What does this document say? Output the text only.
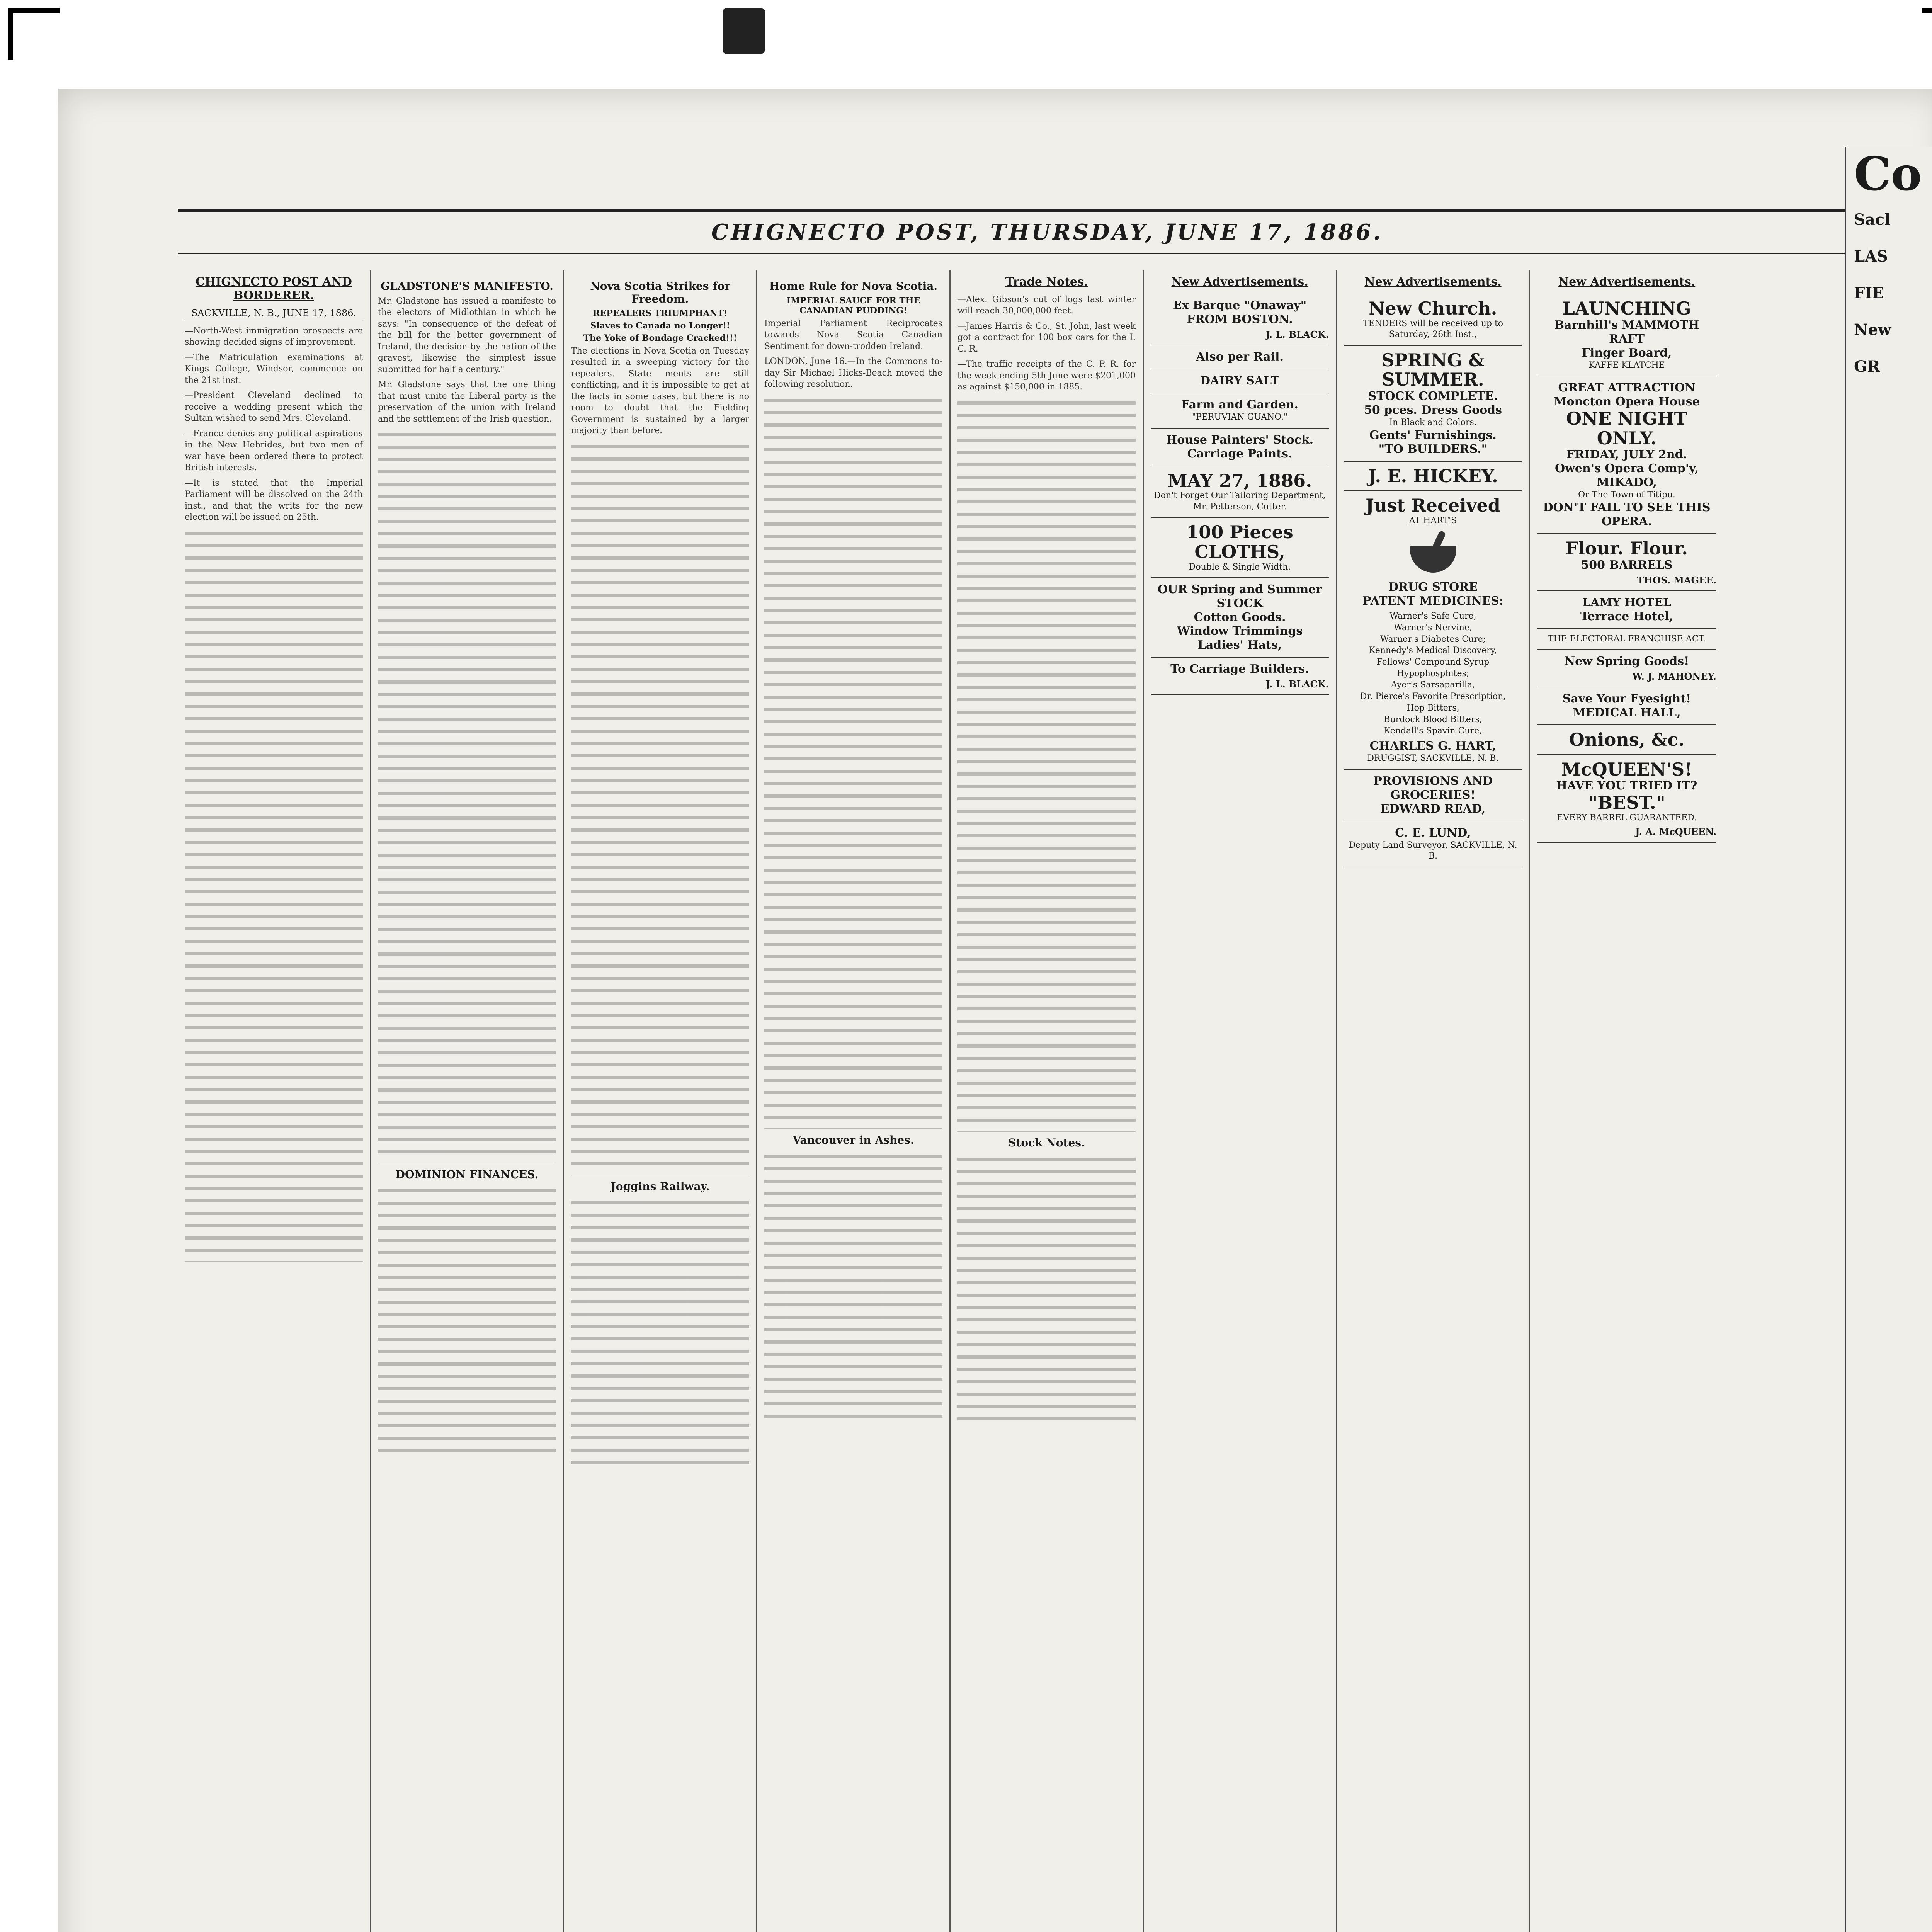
CHIGNECTO POST, THURSDAY, JUNE 17, 1886.
CHIGNECTO POST AND BORDERER.
SACKVILLE, N. B., JUNE 17, 1886.

—North-West immigration prospects are showing decided signs of improvement.

—The Matriculation examinations at Kings College, Windsor, commence on the 21st inst.

—President Cleveland declined to receive a wedding present which the Sultan wished to send Mrs. Cleveland.

—France denies any political aspirations in the New Hebrides, but two men of war have been ordered there to protect British interests.

—It is stated that the Imperial Parliament will be dissolved on the 24th inst., and that the writs for the new election will be issued on 25th.

GLADSTONE'S MANIFESTO.

Mr. Gladstone has issued a manifesto to the electors of Midlothian in which he says: "In consequence of the defeat of the bill for the better government of Ireland, the decision by the nation of the gravest, likewise the simplest issue submitted for half a century."

Mr. Gladstone says that the one thing that must unite the Liberal party is the preservation of the union with Ireland and the settlement of the Irish question.

DOMINION FINANCES.
Nova Scotia Strikes for Freedom.
REPEALERS TRIUMPHANT!
Slaves to Canada no Longer!!
The Yoke of Bondage Cracked!!!

The elections in Nova Scotia on Tuesday resulted in a sweeping victory for the repealers. State ments are still conflicting, and it is impossible to get at the facts in some cases, but there is no room to doubt that the Fielding Government is sustained by a larger majority than before.

Joggins Railway.
Home Rule for Nova Scotia.
IMPERIAL SAUCE FOR THE CANADIAN PUDDING!

Imperial Parliament Reciprocates towards Nova Scotia Canadian Sentiment for down-trodden Ireland.

LONDON, June 16.—In the Commons to-day Sir Michael Hicks-Beach moved the following resolution.

Vancouver in Ashes.
Trade Notes.

—Alex. Gibson's cut of logs last winter will reach 30,000,000 feet.

—James Harris & Co., St. John, last week got a contract for 100 box cars for the I. C. R.

—The traffic receipts of the C. P. R. for the week ending 5th June were $201,000 as against $150,000 in 1885.

Stock Notes.
New Advertisements.
Ex Barque "Onaway"
FROM BOSTON.
J. L. BLACK.
Also per Rail.
DAIRY SALT
Farm and Garden.
"PERUVIAN GUANO."
House Painters' Stock.
Carriage Paints.
MAY 27, 1886.
Don't Forget Our Tailoring Department, Mr. Petterson, Cutter.
100 Pieces CLOTHS,
Double & Single Width.
OUR Spring and Summer STOCK
Cotton Goods.
Window Trimmings
Ladies' Hats,
To Carriage Builders.
J. L. BLACK.
New Advertisements.
New Church.
TENDERS will be received up to Saturday, 26th Inst.,
SPRING & SUMMER.
STOCK COMPLETE.
50 pces. Dress Goods
In Black and Colors.
Gents' Furnishings.
"TO BUILDERS."
J. E. HICKEY.
Just Received
AT HART'S
DRUG STORE
PATENT MEDICINES:
Warner's Safe Cure,
Warner's Nervine,
Warner's Diabetes Cure;
Kennedy's Medical Discovery,
Fellows' Compound Syrup Hypophosphites;
Ayer's Sarsaparilla,
Dr. Pierce's Favorite Prescription,
Hop Bitters,
Burdock Blood Bitters,
Kendall's Spavin Cure,
CHARLES G. HART,
DRUGGIST, SACKVILLE, N. B.
PROVISIONS AND GROCERIES!
EDWARD READ,
C. E. LUND,
Deputy Land Surveyor, SACKVILLE, N. B.
New Advertisements.
LAUNCHING
Barnhill's MAMMOTH RAFT
Finger Board,
KAFFE KLATCHE
GREAT ATTRACTION
Moncton Opera House
ONE NIGHT ONLY.
FRIDAY, JULY 2nd.
Owen's Opera Comp'y,
MIKADO,
Or The Town of Titipu.
DON'T FAIL TO SEE THIS OPERA.
Flour. Flour.
500 BARRELS
THOS. MAGEE.
LAMY HOTEL
Terrace Hotel,
THE ELECTORAL FRANCHISE ACT.
New Spring Goods!
W. J. MAHONEY.
Save Your Eyesight!
MEDICAL HALL,
Onions, &c.
McQUEEN'S!
HAVE YOU TRIED IT?
"BEST."
EVERY BARREL GUARANTEED.
J. A. McQUEEN.
Co
Sacl
LAS
FIE
New
GR
